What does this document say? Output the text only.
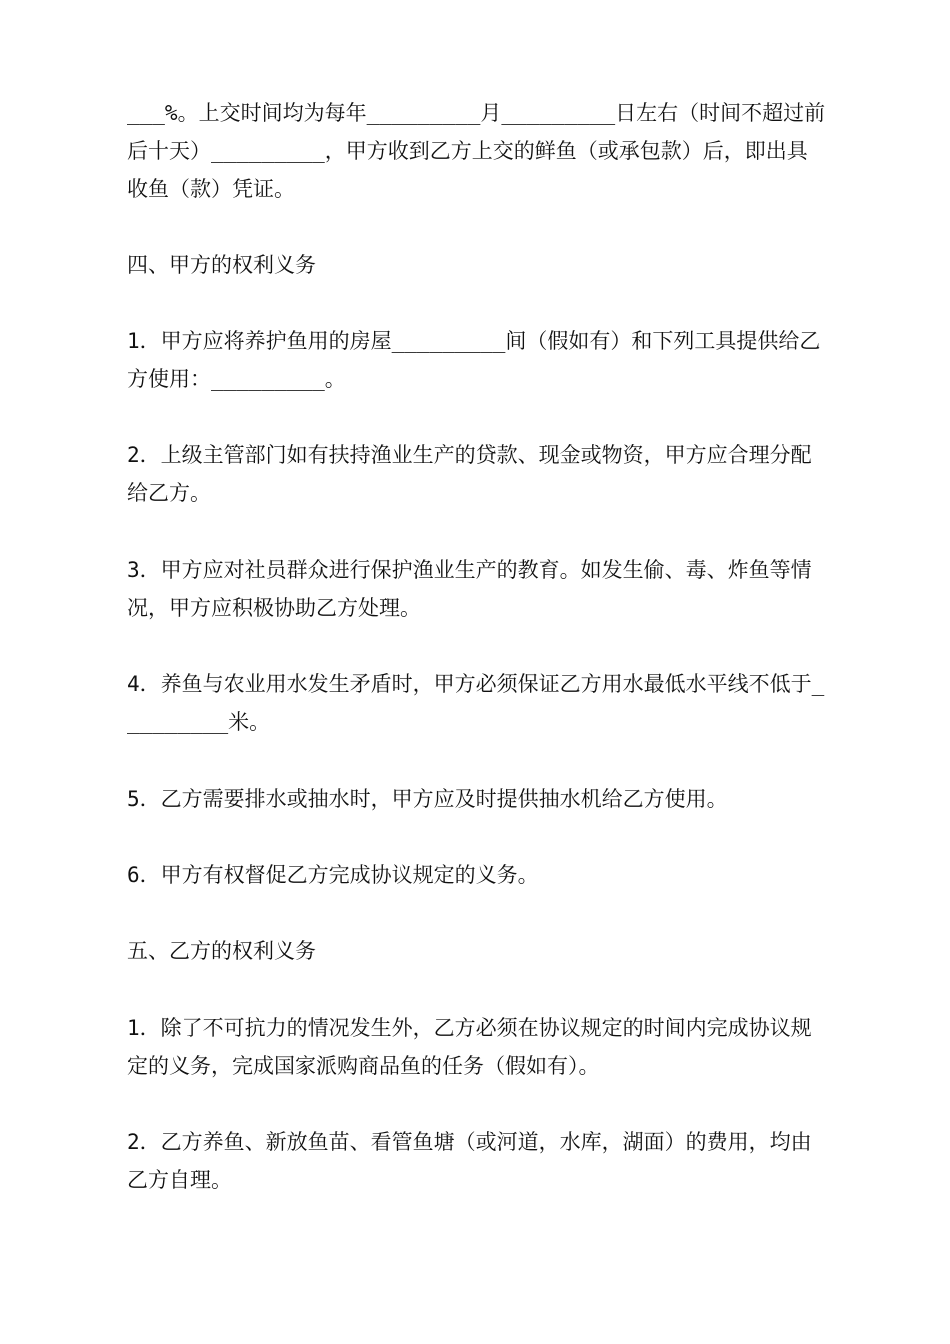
___%。上交时间均为每年_________月_________日左右（时间不超过前后十天）_________，甲方收到乙方上交的鲜鱼（或承包款）后，即出具收鱼（款）凭证。

四、甲方的权利义务

1．甲方应将养护鱼用的房屋_________间（假如有）和下列工具提供给乙方使用：_________。

2．上级主管部门如有扶持渔业生产的贷款、现金或物资，甲方应合理分配给乙方。

3．甲方应对社员群众进行保护渔业生产的教育。如发生偷、毒、炸鱼等情况，甲方应积极协助乙方处理。

4．养鱼与农业用水发生矛盾时，甲方必须保证乙方用水最低水平线不低于_________米。

5．乙方需要排水或抽水时，甲方应及时提供抽水机给乙方使用。

6．甲方有权督促乙方完成协议规定的义务。

五、乙方的权利义务

1．除了不可抗力的情况发生外，乙方必须在协议规定的时间内完成协议规定的义务，完成国家派购商品鱼的任务（假如有）。

2．乙方养鱼、新放鱼苗、看管鱼塘（或河道，水库，湖面）的费用，均由乙方自理。
